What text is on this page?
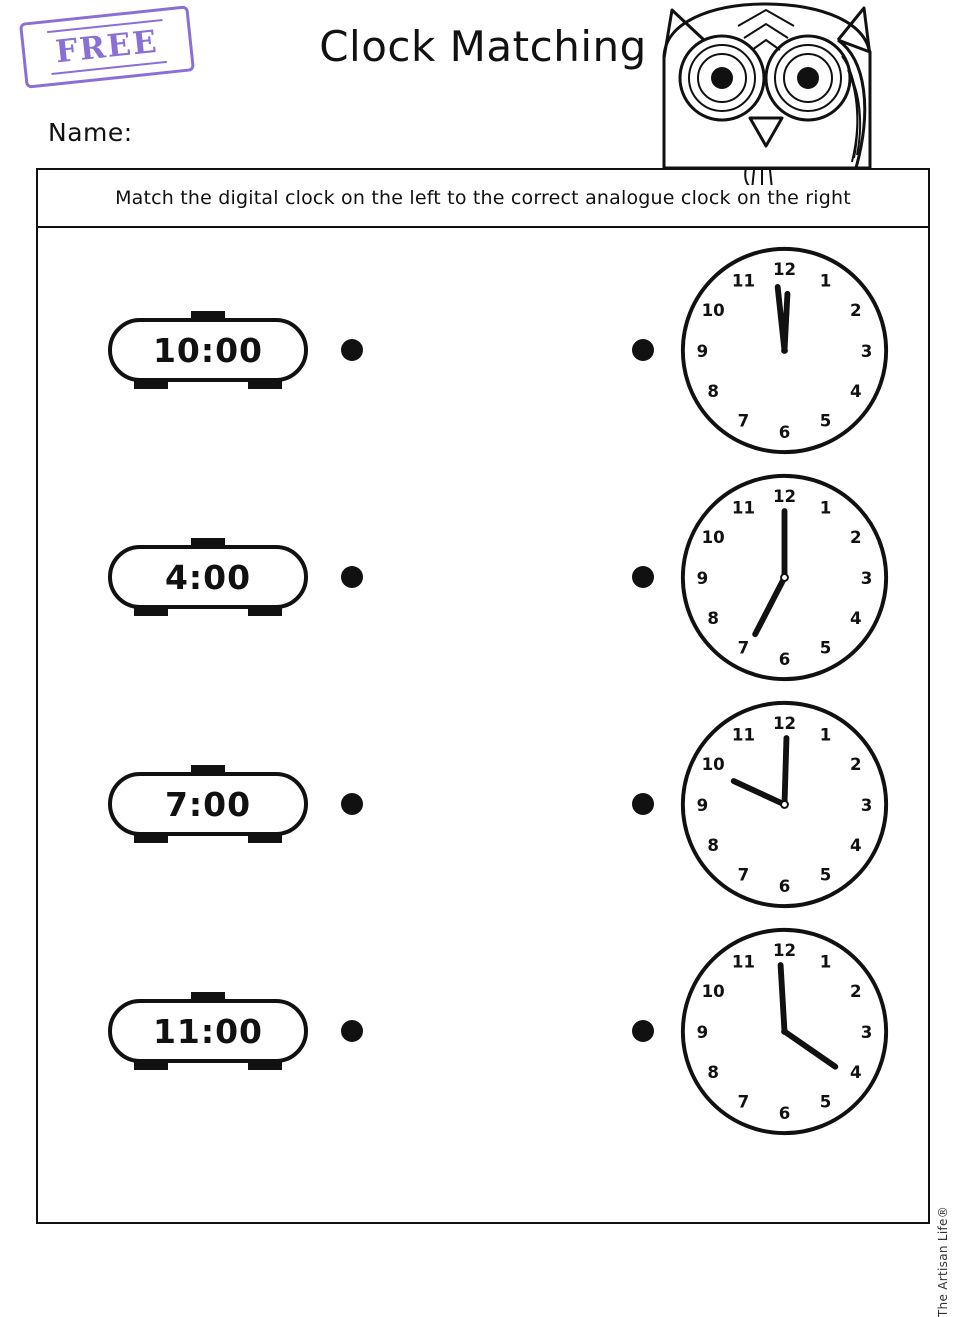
FREE	Clock Matching
Name:
Match the digital clock on the left to the correct analogue clock on the right
10:00
12
1
2
3
4
5
6
7
8
9
10
11
4:00
12
1
2
3
4
5
6
7
8
9
10
11
7:00
12
1
2
3
4
5
6
7
8
9
10
11
11:00
12
1
2
3
4
5
6
7
8
9
10
11
The Artisan Life®
